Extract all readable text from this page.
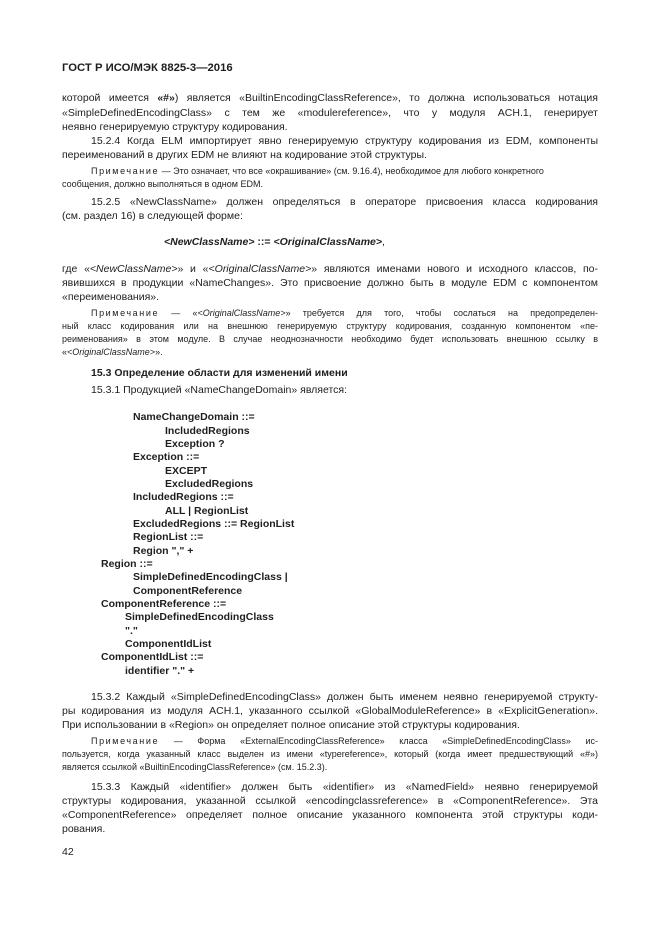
ГОСТ Р ИСО/МЭК 8825-3—2016
которой имеется «#») является «BuiltinEncodingClassReference», то должна использоваться нотация
«SimpleDefinedEncodingClass» с тем же «modulereference», что у модуля ACH.1, генерирует
неявно генерируемую структуру кодирования.
15.2.4 Когда ELM импортирует явно генерируемую структуру кодирования из EDM, компоненты
переименований в других EDM не влияют на кодирование этой структуры.
Примечание — Это означает, что все «окрашивание» (см. 9.16.4), необходимое для любого конкретного
сообщения, должно выполняться в одном EDM.
15.2.5 «NewClassName» должен определяться в операторе присвоения класса кодирования
(см. раздел 16) в следующей форме:
<NewClassName> ::= <OriginalClassName>,
где «<NewClassName>» и «<OriginalClassName>» являются именами нового и исходного классов, по-
явившихся в продукции «NameChanges». Это присвоение должно быть в модуле EDM с компонентом
«переименования».
Примечание — «<OriginalClassName>» требуется для того, чтобы сослаться на предопределен-
ный класс кодирования или на внешнюю генерируемую структуру кодирования, созданную компонентом «пе-
реименования» в этом модуле. В случае неоднозначности необходимо будет использовать внешнюю ссылку в
«<OriginalClassName>».
15.3 Определение области для изменений имени
15.3.1 Продукцией «NameChangeDomain» является:
NameChangeDomain ::=
IncludedRegions
Exception ?
Exception ::=
EXCEPT
ExcludedRegions
IncludedRegions ::=
ALL | RegionList
ExcludedRegions ::= RegionList
RegionList ::=
Region "," +
Region ::=
SimpleDefinedEncodingClass |
ComponentReference
ComponentReference ::=
SimpleDefinedEncodingClass
"."
ComponentIdList
ComponentIdList ::=
identifier "." +
15.3.2 Каждый «SimpleDefinedEncodingClass» должен быть именем неявно генерируемой структу-
ры кодирования из модуля ACH.1, указанного ссылкой «GlobalModuleReference» в «ExplicitGeneration».
При использовании в «Region» он определяет полное описание этой структуры кодирования.
Примечание — Форма «ExternalEncodingClassReference» класса «SimpleDefinedEncodingClass» ис-
пользуется, когда указанный класс выделен из имени «typereference», который (когда имеет предшествующий «#»)
является ссылкой «BuiltinEncodingClassReference» (см. 15.2.3).
15.3.3 Каждый «identifier» должен быть «identifier» из «NamedField» неявно генерируемой
структуры кодирования, указанной ссылкой «encodingclassreference» в «ComponentReference». Эта
«ComponentReference» определяет полное описание указанного компонента этой структуры коди-
рования.
42
